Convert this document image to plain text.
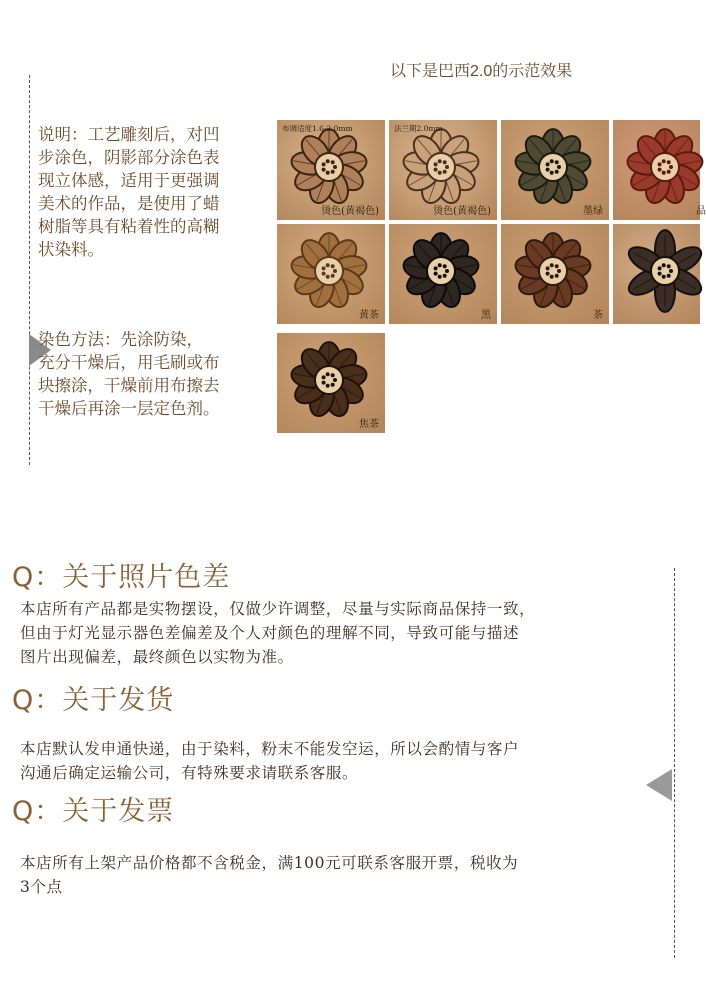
以下是巴西2.0的示范效果

说明：工艺雕刻后，对凹

步涂色，阴影部分涂色表

现立体感，适用于更强调

美术的作品，是使用了蜡

树脂等具有粘着性的高糊

状染料。

染色方法：先涂防染，

充分干燥后，用毛刷或布

块擦涂，干燥前用布擦去

干燥后再涂一层定色剂。

布调适度1.6-2.0mm
烫色(黄褐色)
法兰期2.0mm
烫色(黄褐色)	墨绿	品
黄茶	黑	茶
焦茶
Q：关于照片色差
本店所有产品都是实物摆设，仅做少许调整，尽量与实际商品保持一致，
但由于灯光显示器色差偏差及个人对颜色的理解不同，导致可能与描述
图片出现偏差，最终颜色以实物为准。
Q：关于发货
本店默认发申通快递，由于染料，粉末不能发空运，所以会酌情与客户
沟通后确定运输公司，有特殊要求请联系客服。
Q：关于发票
本店所有上架产品价格都不含税金，满100元可联系客服开票，税收为
3个点
